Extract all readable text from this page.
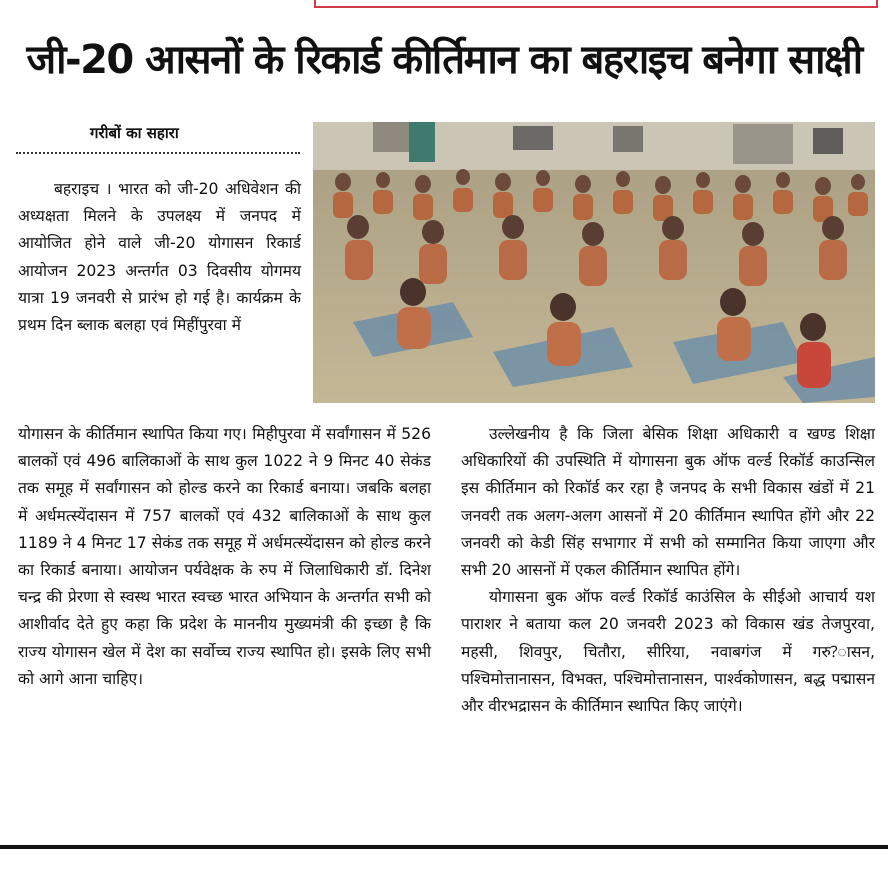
जी-20 आसनों के रिकार्ड कीर्तिमान का बहराइच बनेगा साक्षी
गरीबों का सहारा

बहराइच । भारत को जी-20 अधिवेशन की अध्यक्षता मिलने के उपलक्ष्य में जनपद में आयोजित होने वाले जी-20 योगासन रिकार्ड आयोजन 2023 अन्तर्गत 03 दिवसीय योगमय यात्रा 19 जनवरी से प्रारंभ हो गई है। कार्यक्रम के प्रथम दिन ब्लाक बलहा एवं मिहींपुरवा में

योगासन के कीर्तिमान स्थापित किया गए। मिहीपुरवा में सर्वांगासन में 526 बालकों एवं 496 बालिकाओं के साथ कुल 1022 ने 9 मिनट 40 सेकंड तक समूह में सर्वांगासन को होल्ड करने का रिकार्ड बनाया। जबकि बलहा में अर्धमत्स्येंदासन में 757 बालकों एवं 432 बालिकाओं के साथ कुल 1189 ने 4 मिनट 17 सेकंड तक समूह में अर्धमत्स्येंदासन को होल्ड करने का रिकार्ड बनाया। आयोजन पर्यवेक्षक के रुप में जिलाधिकारी डॉ. दिनेश चन्द्र की प्रेरणा से स्वस्थ भारत स्वच्छ भारत अभियान के अन्तर्गत सभी को आशीर्वाद देते हुए कहा कि प्रदेश के माननीय मुख्यमंत्री की इच्छा है कि राज्य योगासन खेल में देश का सर्वोच्च राज्य स्थापित हो। इसके लिए सभी को आगे आना चाहिए।

उल्लेखनीय है कि जिला बेसिक शिक्षा अधिकारी व खण्ड शिक्षा अधिकारियों की उपस्थिति में योगासना बुक ऑफ वर्ल्ड रिकॉर्ड काउन्सिल इस कीर्तिमान को रिकॉर्ड कर रहा है जनपद के सभी विकास खंडों में 21 जनवरी तक अलग-अलग आसनों में 20 कीर्तिमान स्थापित होंगे और 22 जनवरी को केडी सिंह सभागार में सभी को सम्मानित किया जाएगा और सभी 20 आसनों में एकल कीर्तिमान स्थापित होंगे।

योगासना बुक ऑफ वर्ल्ड रिकॉर्ड काउंसिल के सीईओ आचार्य यश पाराशर ने बताया कल 20 जनवरी 2023 को विकास खंड तेजपुरवा, महसी, शिवपुर, चितौरा, सीरिया, नवाबगंज में गरु?ासन, पश्चिमोत्तानासन, विभक्त, पश्चिमोत्तानासन, पार्श्वकोणासन, बद्ध पद्मासन और वीरभद्रासन के कीर्तिमान स्थापित किए जाएंगे।
